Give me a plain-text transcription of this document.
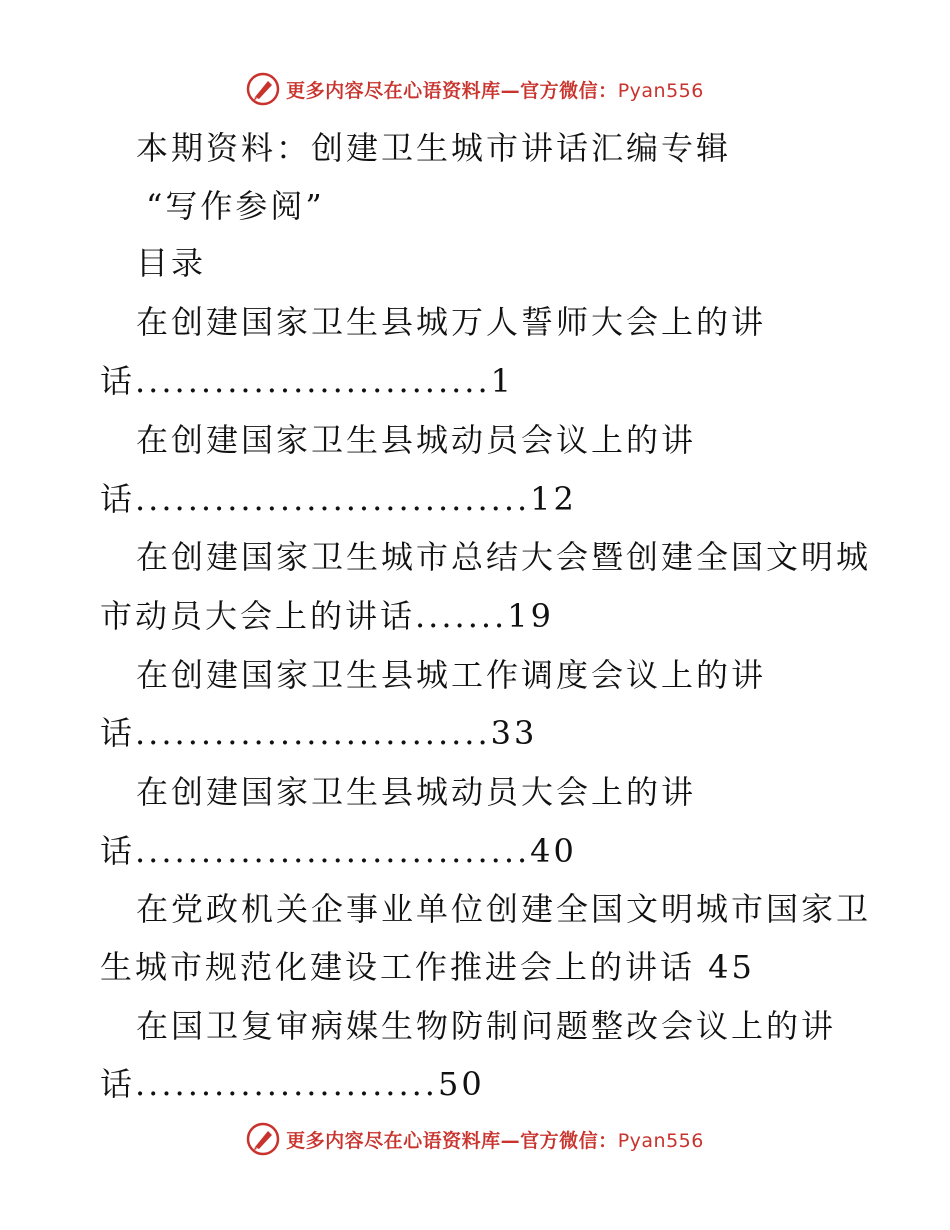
更多内容尽在心语资料库—官方微信：Pyan556
本期资料：创建卫生城市讲话汇编专辑
“写作参阅”
目录
在创建国家卫生县城万人誓师大会上的讲
话...........................1
在创建国家卫生县城动员会议上的讲
话..............................12
在创建国家卫生城市总结大会暨创建全国文明城
市动员大会上的讲话.......19
在创建国家卫生县城工作调度会议上的讲
话...........................33
在创建国家卫生县城动员大会上的讲
话..............................40
在党政机关企事业单位创建全国文明城市国家卫
生城市规范化建设工作推进会上的讲话 45
在国卫复审病媒生物防制问题整改会议上的讲
话.......................50
更多内容尽在心语资料库—官方微信：Pyan556
